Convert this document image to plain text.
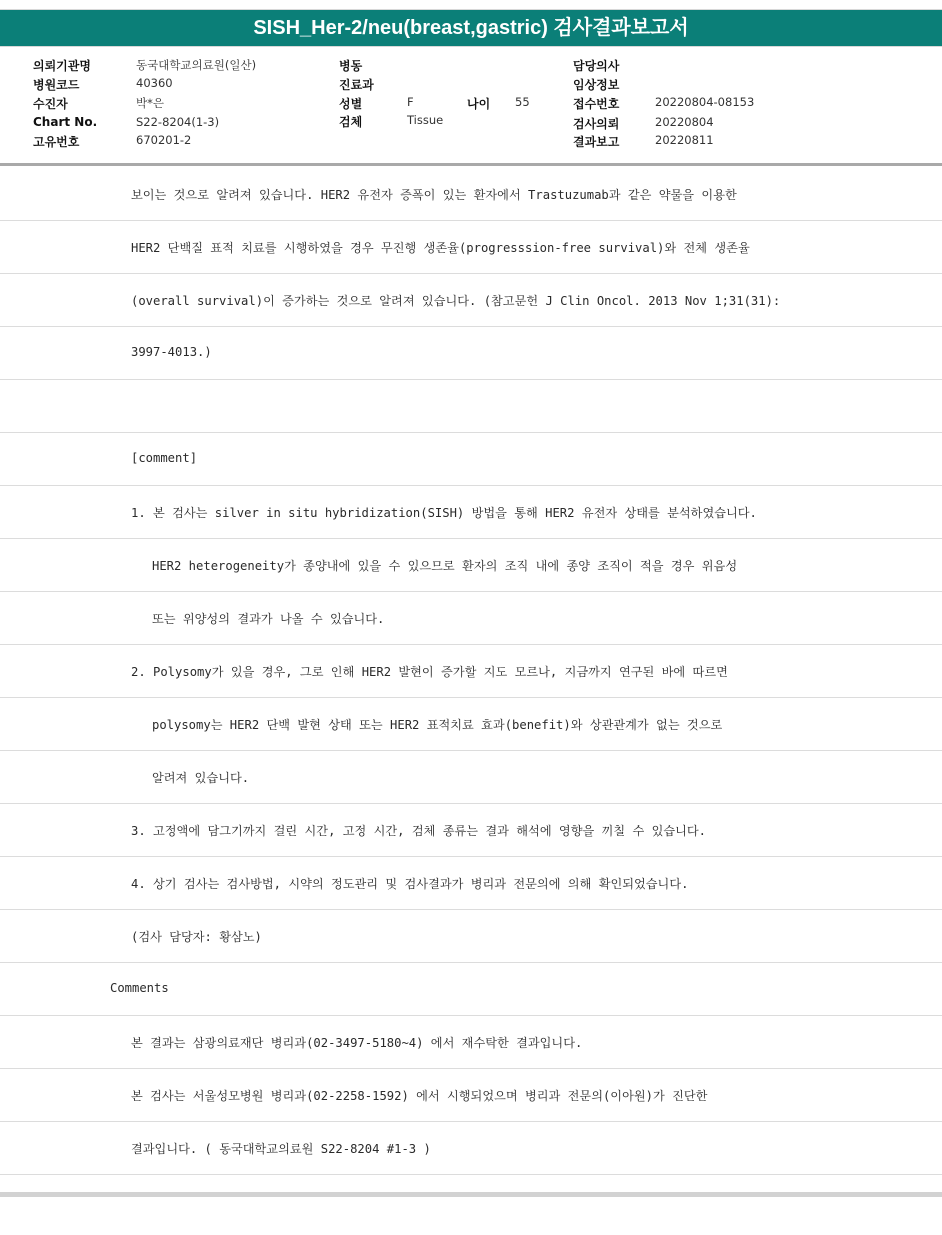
SISH_Her-2/neu(breast,gastric) 검사결과보고서
의뢰기관명	동국대학교의료원(일산)
병원코드	40360
수진자	박*은
Chart No.	S22-8204(1-3)
고유번호	670201-2
병동
진료과
성별	F	나이 55
검체	Tissue
담당의사
임상정보
접수번호	20220804-08153
검사의뢰	20220804
결과보고	20220811
보이는 것으로 알려져 있습니다. HER2 유전자 증폭이 있는 환자에서 Trastuzumab과 같은 약물을 이용한
HER2 단백질 표적 치료를 시행하였을 경우 무진행 생존율(progresssion-free survival)와 전체 생존율
(overall survival)이 증가하는 것으로 알려져 있습니다. (참고문헌 J Clin Oncol. 2013 Nov 1;31(31):
3997-4013.)
[comment]
1. 본 검사는 silver in situ hybridization(SISH) 방법을 통해 HER2 유전자 상태를 분석하였습니다.
HER2 heterogeneity가 종양내에 있을 수 있으므로 환자의 조직 내에 종양 조직이 적을 경우 위음성
또는 위양성의 결과가 나올 수 있습니다.
2. Polysomy가 있을 경우, 그로 인해 HER2 발현이 증가할 지도 모르나, 지금까지 연구된 바에 따르면
polysomy는 HER2 단백 발현 상태 또는 HER2 표적치료 효과(benefit)와 상관관계가 없는 것으로
알려져 있습니다.
3. 고정액에 담그기까지 걸린 시간, 고정 시간, 검체 종류는 결과 해석에 영향을 끼칠 수 있습니다.
4. 상기 검사는 검사방법, 시약의 정도관리 및 검사결과가 병리과 전문의에 의해 확인되었습니다.
(검사 담당자: 황삼노)
Comments
본 결과는 삼광의료재단 병리과(02-3497-5180~4) 에서 재수탁한 결과입니다.
본 검사는 서울성모병원 병리과(02-2258-1592) 에서 시행되었으며 병리과 전문의(이아원)가 진단한
결과입니다. ( 동국대학교의료원 S22-8204 #1-3 )
